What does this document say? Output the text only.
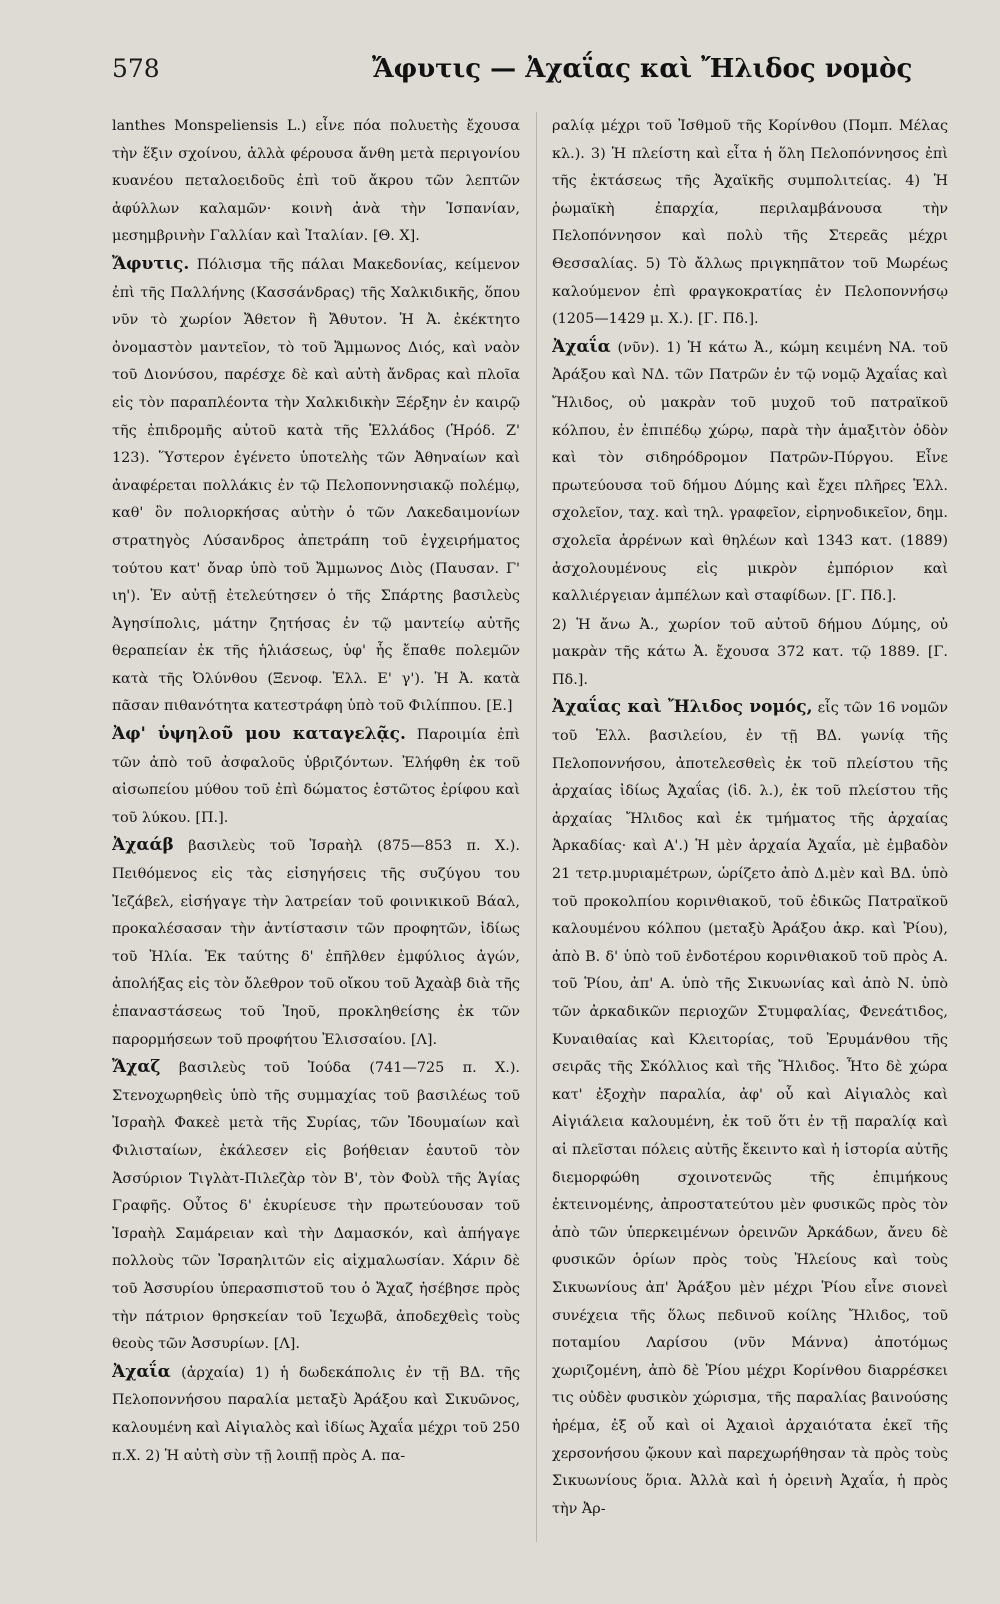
578	Ἄφυτις — Ἀχαΐας καὶ Ἤλιδος νομὸς

lanthes Monspeliensis L.) εἶνε πόα πολυετὴς ἔχουσα τὴν ἕξιν σχοίνου, ἀλλὰ φέρουσα ἄνθη μετὰ περιγονίου κυανέου πεταλοειδοῦς ἐπὶ τοῦ ἄκρου τῶν λεπτῶν ἀφύλλων καλαμῶν· κοινὴ ἀνὰ τὴν Ἱσπανίαν, μεσημβρινὴν Γαλλίαν καὶ Ἰταλίαν. [Θ. Χ].

Ἄφυτις. Πόλισμα τῆς πάλαι Μακεδονίας, κείμενον ἐπὶ τῆς Παλλήνης (Κασσάνδρας) τῆς Χαλκιδικῆς, ὅπου νῦν τὸ χωρίον Ἄθετον ἢ Ἄθυτον. Ἡ Ἀ. ἐκέκτητο ὀνομαστὸν μαντεῖον, τὸ τοῦ Ἄμμωνος Διός, καὶ ναὸν τοῦ Διονύσου, παρέσχε δὲ καὶ αὐτὴ ἄνδρας καὶ πλοῖα εἰς τὸν παραπλέοντα τὴν Χαλκιδικὴν Ξέρξην ἐν καιρῷ τῆς ἐπιδρομῆς αὐτοῦ κατὰ τῆς Ἑλλάδος (Ἡρόδ. Ζ' 123). Ὕστερον ἐγένετο ὑποτελὴς τῶν Ἀθηναίων καὶ ἀναφέρεται πολλάκις ἐν τῷ Πελοποννησιακῷ πολέμῳ, καθ' ὃν πολιορκήσας αὐτὴν ὁ τῶν Λακεδαιμονίων στρατηγὸς Λύσανδρος ἀπετράπη τοῦ ἐγχειρήματος τούτου κατ' ὄναρ ὑπὸ τοῦ Ἄμμωνος Διὸς (Παυσαν. Γ' ιη'). Ἐν αὐτῇ ἐτελεύτησεν ὁ τῆς Σπάρτης βασιλεὺς Ἀγησίπολις, μάτην ζητήσας ἐν τῷ μαντείῳ αὐτῆς θεραπείαν ἐκ τῆς ἡλιάσεως, ὑφ' ἧς ἔπαθε πολεμῶν κατὰ τῆς Ὀλύνθου (Ξενοφ. Ἑλλ. Ε' γ'). Ἡ Ἀ. κατὰ πᾶσαν πιθανότητα κατεστράφη ὑπὸ τοῦ Φιλίππου. [Ε.]

Ἀφ' ὑψηλοῦ μου καταγελᾷς. Παροιμία ἐπὶ τῶν ἀπὸ τοῦ ἀσφαλοῦς ὑβριζόντων. Ἐλήφθη ἐκ τοῦ αἰσωπείου μύθου τοῦ ἐπὶ δώματος ἑστῶτος ἐρίφου καὶ τοῦ λύκου. [Π.].

Ἀχαάβ βασιλεὺς τοῦ Ἰσραὴλ (875—853 π. Χ.). Πειθόμενος εἰς τὰς εἰσηγήσεις τῆς συζύγου του Ἰεζάβελ, εἰσήγαγε τὴν λατρείαν τοῦ φοινικικοῦ Βάαλ, προκαλέσασαν τὴν ἀντίστασιν τῶν προφητῶν, ἰδίως τοῦ Ἠλία. Ἐκ ταύτης δ' ἐπῆλθεν ἐμφύλιος ἀγών, ἀπολήξας εἰς τὸν ὄλεθρον τοῦ οἴκου τοῦ Ἀχαὰβ διὰ τῆς ἐπαναστάσεως τοῦ Ἰηοῦ, προκληθείσης ἐκ τῶν παρορμήσεων τοῦ προφήτου Ἐλισσαίου. [Λ].

Ἄχαζ βασιλεὺς τοῦ Ἰούδα (741—725 π. Χ.). Στενοχωρηθεὶς ὑπὸ τῆς συμμαχίας τοῦ βασιλέως τοῦ Ἰσραὴλ Φακεὲ μετὰ τῆς Συρίας, τῶν Ἰδουμαίων καὶ Φιλισταίων, ἐκάλεσεν εἰς βοήθειαν ἑαυτοῦ τὸν Ἀσσύριον Τιγλὰτ-Πιλεζὰρ τὸν Β', τὸν Φοὺλ τῆς Ἁγίας Γραφῆς. Οὗτος δ' ἐκυρίευσε τὴν πρωτεύουσαν τοῦ Ἰσραὴλ Σαμάρειαν καὶ τὴν Δαμασκόν, καὶ ἀπήγαγε πολλοὺς τῶν Ἰσραηλιτῶν εἰς αἰχμαλωσίαν. Χάριν δὲ τοῦ Ἀσσυρίου ὑπερασπιστοῦ του ὁ Ἄχαζ ἠσέβησε πρὸς τὴν πάτριον θρησκείαν τοῦ Ἰεχωβᾶ, ἀποδεχθεὶς τοὺς θεοὺς τῶν Ἀσσυρίων. [Λ].

Ἀχαΐα (ἀρχαία) 1) ἡ δωδεκάπολις ἐν τῇ ΒΔ. τῆς Πελοποννήσου παραλία μεταξὺ Ἀράξου καὶ Σικυῶνος, καλουμένη καὶ Αἰγιαλὸς καὶ ἰδίως Ἀχαΐα μέχρι τοῦ 250 π.Χ. 2) Ἡ αὐτὴ σὺν τῇ λοιπῇ πρὸς Α. πα-

ραλίᾳ μέχρι τοῦ Ἰσθμοῦ τῆς Κορίνθου (Πομπ. Μέλας κλ.). 3) Ἡ πλείστη καὶ εἶτα ἡ ὅλη Πελοπόννησος ἐπὶ τῆς ἐκτάσεως τῆς Ἀχαϊκῆς συμπολιτείας. 4) Ἡ ῥωμαϊκὴ ἐπαρχία, περιλαμβάνουσα τὴν Πελοπόννησον καὶ πολὺ τῆς Στερεᾶς μέχρι Θεσσαλίας. 5) Τὸ ἄλλως πριγκηπᾶτον τοῦ Μωρέως καλούμενον ἐπὶ φραγκοκρατίας ἐν Πελοποννήσῳ (1205—1429 μ. Χ.). [Γ. Πδ.].

Ἀχαΐα (νῦν). 1) Ἡ κάτω Ἀ., κώμη κειμένη ΝΑ. τοῦ Ἀράξου καὶ ΝΔ. τῶν Πατρῶν ἐν τῷ νομῷ Ἀχαΐας καὶ Ἤλιδος, οὐ μακρὰν τοῦ μυχοῦ τοῦ πατραϊκοῦ κόλπου, ἐν ἐπιπέδῳ χώρῳ, παρὰ τὴν ἁμαξιτὸν ὁδὸν καὶ τὸν σιδηρόδρομον Πατρῶν-Πύργου. Εἶνε πρωτεύουσα τοῦ δήμου Δύμης καὶ ἔχει πλῆρες Ἑλλ. σχολεῖον, ταχ. καὶ τηλ. γραφεῖον, εἰρηνοδικεῖον, δημ. σχολεῖα ἀρρένων καὶ θηλέων καὶ 1343 κατ. (1889) ἀσχολουμένους εἰς μικρὸν ἐμπόριον καὶ καλλιέργειαν ἀμπέλων καὶ σταφίδων. [Γ. Πδ.].

2) Ἡ ἄνω Ἀ., χωρίον τοῦ αὐτοῦ δήμου Δύμης, οὐ μακρὰν τῆς κάτω Ἀ. ἔχουσα 372 κατ. τῷ 1889. [Γ. Πδ.].

Ἀχαΐας καὶ Ἤλιδος νομός, εἷς τῶν 16 νομῶν τοῦ Ἑλλ. βασιλείου, ἐν τῇ ΒΔ. γωνίᾳ τῆς Πελοποννήσου, ἀποτελεσθεὶς ἐκ τοῦ πλείστου τῆς ἀρχαίας ἰδίως Ἀχαΐας (ἰδ. λ.), ἐκ τοῦ πλείστου τῆς ἀρχαίας Ἤλιδος καὶ ἐκ τμήματος τῆς ἀρχαίας Ἀρκαδίας· καὶ Α'.) Ἡ μὲν ἀρχαία Ἀχαΐα, μὲ ἐμβαδὸν 21 τετρ.μυριαμέτρων, ὡρίζετο ἀπὸ Δ.μὲν καὶ ΒΔ. ὑπὸ τοῦ προκολπίου κορινθιακοῦ, τοῦ ἐδικῶς Πατραϊκοῦ καλουμένου κόλπου (μεταξὺ Ἀράξου ἀκρ. καὶ Ῥίου), ἀπὸ Β. δ' ὑπὸ τοῦ ἐνδοτέρου κορινθιακοῦ τοῦ πρὸς Α. τοῦ Ῥίου, ἀπ' Α. ὑπὸ τῆς Σικυωνίας καὶ ἀπὸ Ν. ὑπὸ τῶν ἀρκαδικῶν περιοχῶν Στυμφαλίας, Φενεάτιδος, Κυναιθαίας καὶ Κλειτορίας, τοῦ Ἐρυμάνθου τῆς σειρᾶς τῆς Σκόλλιος καὶ τῆς Ἤλιδος. Ἦτο δὲ χώρα κατ' ἐξοχὴν παραλία, ἀφ' οὗ καὶ Αἰγιαλὸς καὶ Αἰγιάλεια καλουμένη, ἐκ τοῦ ὅτι ἐν τῇ παραλίᾳ καὶ αἱ πλεῖσται πόλεις αὐτῆς ἔκειντο καὶ ἡ ἱστορία αὐτῆς διεμορφώθη σχοινοτενῶς τῆς ἐπιμήκους ἐκτεινομένης, ἀπροστατεύτου μὲν φυσικῶς πρὸς τὸν ἀπὸ τῶν ὑπερκειμένων ὀρεινῶν Ἀρκάδων, ἄνευ δὲ φυσικῶν ὁρίων πρὸς τοὺς Ἠλείους καὶ τοὺς Σικυωνίους ἀπ' Ἀράξου μὲν μέχρι Ῥίου εἶνε σιονεὶ συνέχεια τῆς ὅλως πεδινοῦ κοίλης Ἤλιδος, τοῦ ποταμίου Λαρίσου (νῦν Μάννα) ἀποτόμως χωριζομένη, ἀπὸ δὲ Ῥίου μέχρι Κορίνθου διαρρέσκει τις οὐδὲν φυσικὸν χώρισμα, τῆς παραλίας βαινούσης ἠρέμα, ἐξ οὗ καὶ οἱ Ἀχαιοὶ ἀρχαιότατα ἐκεῖ τῆς χερσονήσου ᾤκουν καὶ παρεχωρήθησαν τὰ πρὸς τοὺς Σικυωνίους ὅρια. Ἀλλὰ καὶ ἡ ὀρεινὴ Ἀχαΐα, ἡ πρὸς τὴν Ἀρ-
